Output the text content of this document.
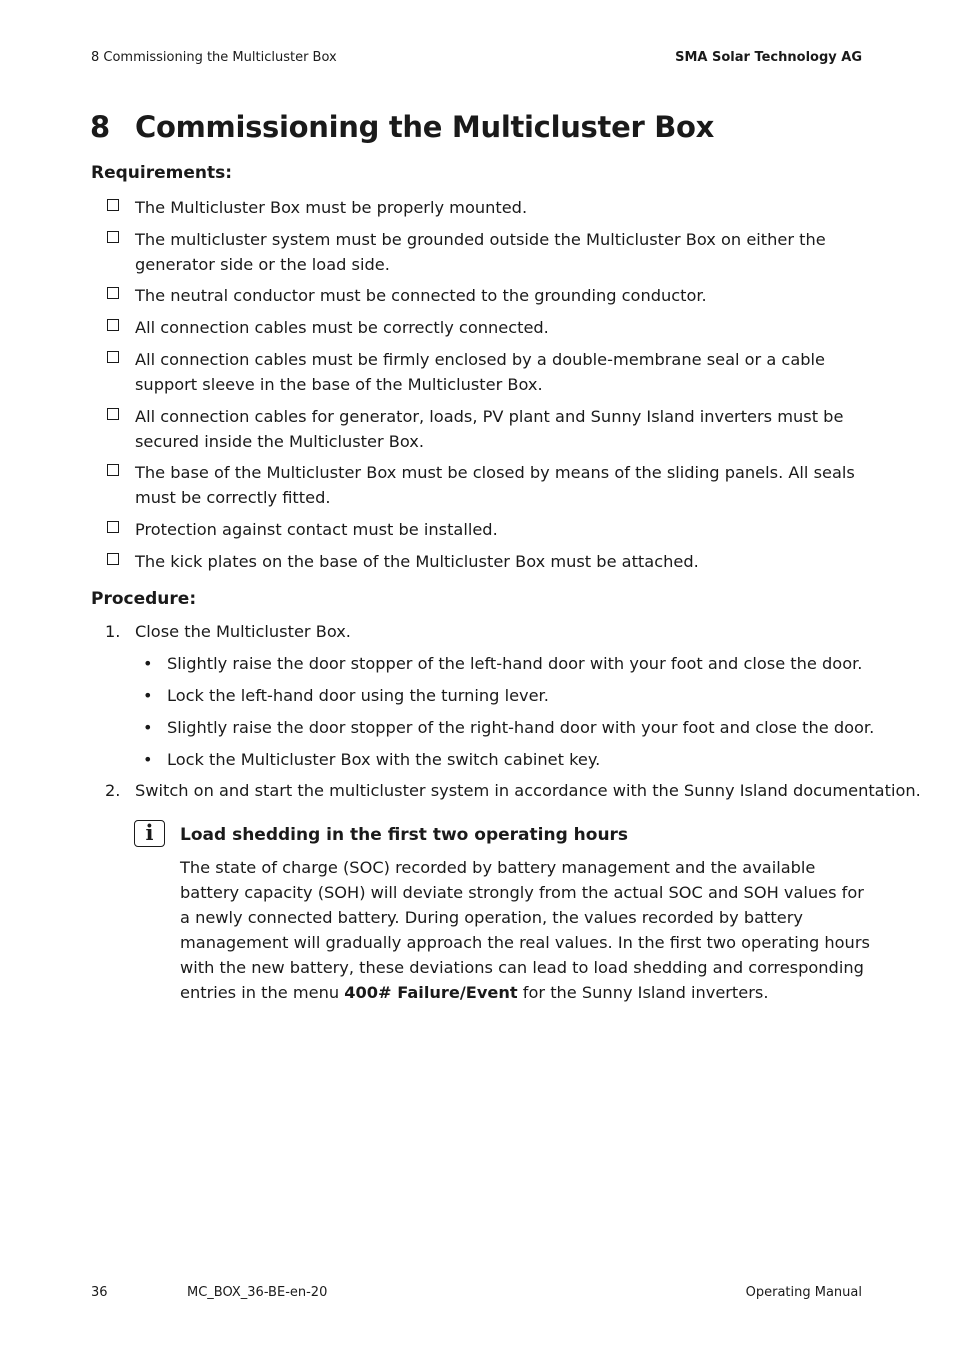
8 Commissioning the Multicluster Box	SMA Solar Technology AG
8 Commissioning the Multicluster Box
Requirements:
The Multicluster Box must be properly mounted.
The multicluster system must be grounded outside the Multicluster Box on either the generator side or the load side.
The neutral conductor must be connected to the grounding conductor.
All connection cables must be correctly connected.
All connection cables must be firmly enclosed by a double-membrane seal or a cable support sleeve in the base of the Multicluster Box.
All connection cables for generator, loads, PV plant and Sunny Island inverters must be secured inside the Multicluster Box.
The base of the Multicluster Box must be closed by means of the sliding panels. All seals must be correctly fitted.
Protection against contact must be installed.
The kick plates on the base of the Multicluster Box must be attached.
Procedure:
1. Close the Multicluster Box.
• Slightly raise the door stopper of the left-hand door with your foot and close the door.
• Lock the left-hand door using the turning lever.
• Slightly raise the door stopper of the right-hand door with your foot and close the door.
• Lock the Multicluster Box with the switch cabinet key.
2. Switch on and start the multicluster system in accordance with the Sunny Island documentation.
i	Load shedding in the first two operating hours
The state of charge (SOC) recorded by battery management and the available battery capacity (SOH) will deviate strongly from the actual SOC and SOH values for a newly connected battery. During operation, the values recorded by battery management will gradually approach the real values. In the first two operating hours with the new battery, these deviations can lead to load shedding and corresponding entries in the menu 400# Failure/Event for the Sunny Island inverters.
36	MC_BOX_36-BE-en-20	Operating Manual
